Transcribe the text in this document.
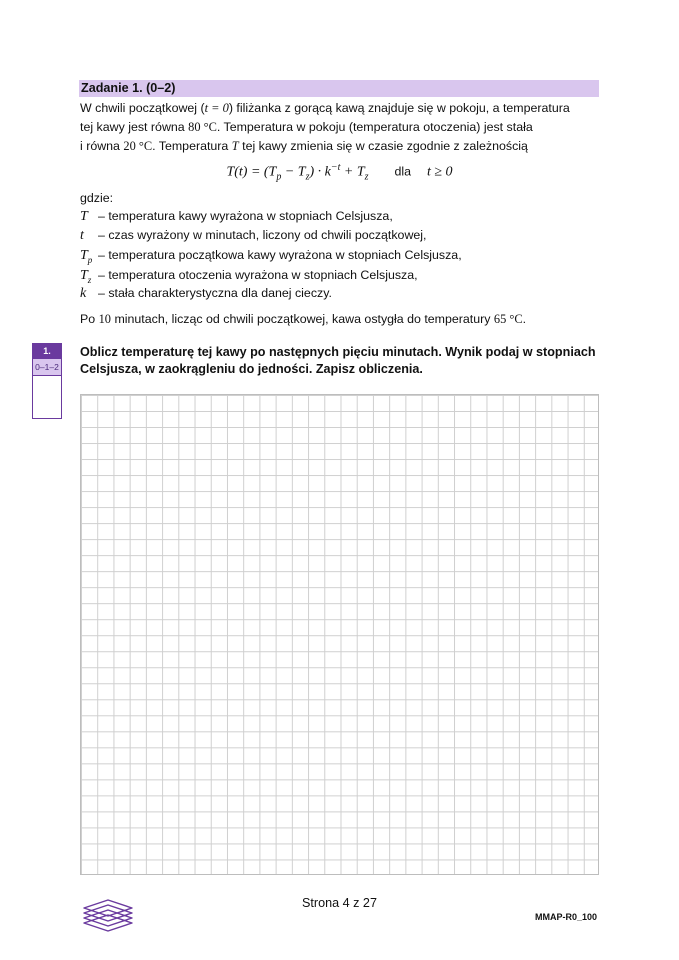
Zadanie 1. (0–2)
W chwili początkowej (t = 0) filiżanka z gorącą kawą znajduje się w pokoju, a temperatura
tej kawy jest równa 80 °C. Temperatura w pokoju (temperatura otoczenia) jest stała
i równa 20 °C. Temperatura T tej kawy zmienia się w czasie zgodnie z zależnością
$T(t) = (T_p - T_z) \cdot k^{-t} + T_z$ dla t ≥ 0
gdzie:
T – temperatura kawy wyrażona w stopniach Celsjusza,
t – czas wyrażony w minutach, liczony od chwili początkowej,
$T_p$ – temperatura początkowa kawy wyrażona w stopniach Celsjusza,
$T_z$ – temperatura otoczenia wyrażona w stopniach Celsjusza,
k – stała charakterystyczna dla danej cieczy.
Po 10 minutach, licząc od chwili początkowej, kawa ostygła do temperatury 65 °C.
1.
0–1–2
Oblicz temperaturę tej kawy po następnych pięciu minutach. Wynik podaj w stopniach Celsjusza, w zaokrągleniu do jedności. Zapisz obliczenia.
Strona 4 z 27
MMAP-R0_100
